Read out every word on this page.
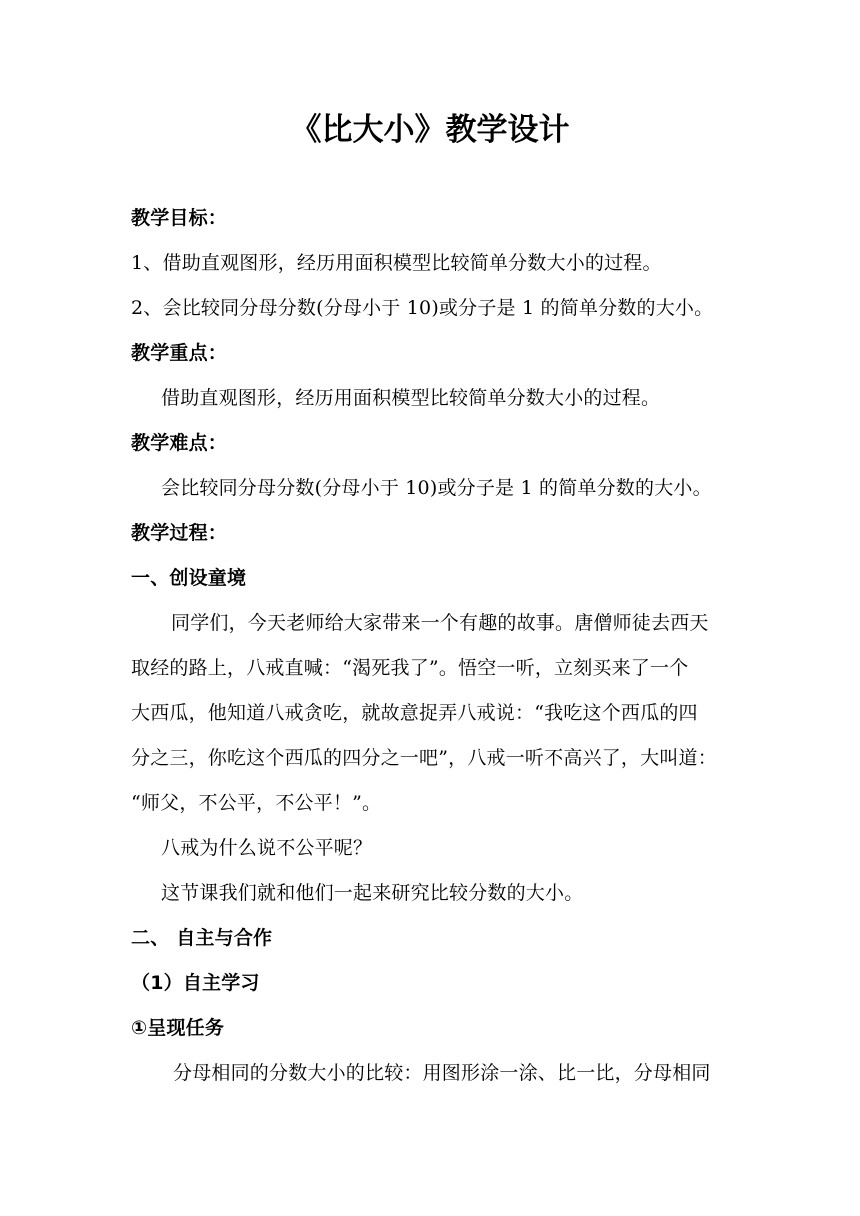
《比大小》教学设计
教学目标：
1、借助直观图形，经历用面积模型比较简单分数大小的过程。
2、会比较同分母分数(分母小于 10)或分子是 1 的简单分数的大小。
教学重点：
借助直观图形，经历用面积模型比较简单分数大小的过程。
教学难点：
会比较同分母分数(分母小于 10)或分子是 1 的简单分数的大小。
教学过程：
一、创设童境
同学们，今天老师给大家带来一个有趣的故事。唐僧师徒去西天
取经的路上，八戒直喊：“渴死我了”。悟空一听，立刻买来了一个
大西瓜，他知道八戒贪吃，就故意捉弄八戒说：“我吃这个西瓜的四
分之三，你吃这个西瓜的四分之一吧”，八戒一听不高兴了，大叫道：
“师父，不公平，不公平！”。
八戒为什么说不公平呢？
这节课我们就和他们一起来研究比较分数的大小。
二、 自主与合作
（1）自主学习
①呈现任务
分母相同的分数大小的比较：用图形涂一涂、比一比，分母相同
